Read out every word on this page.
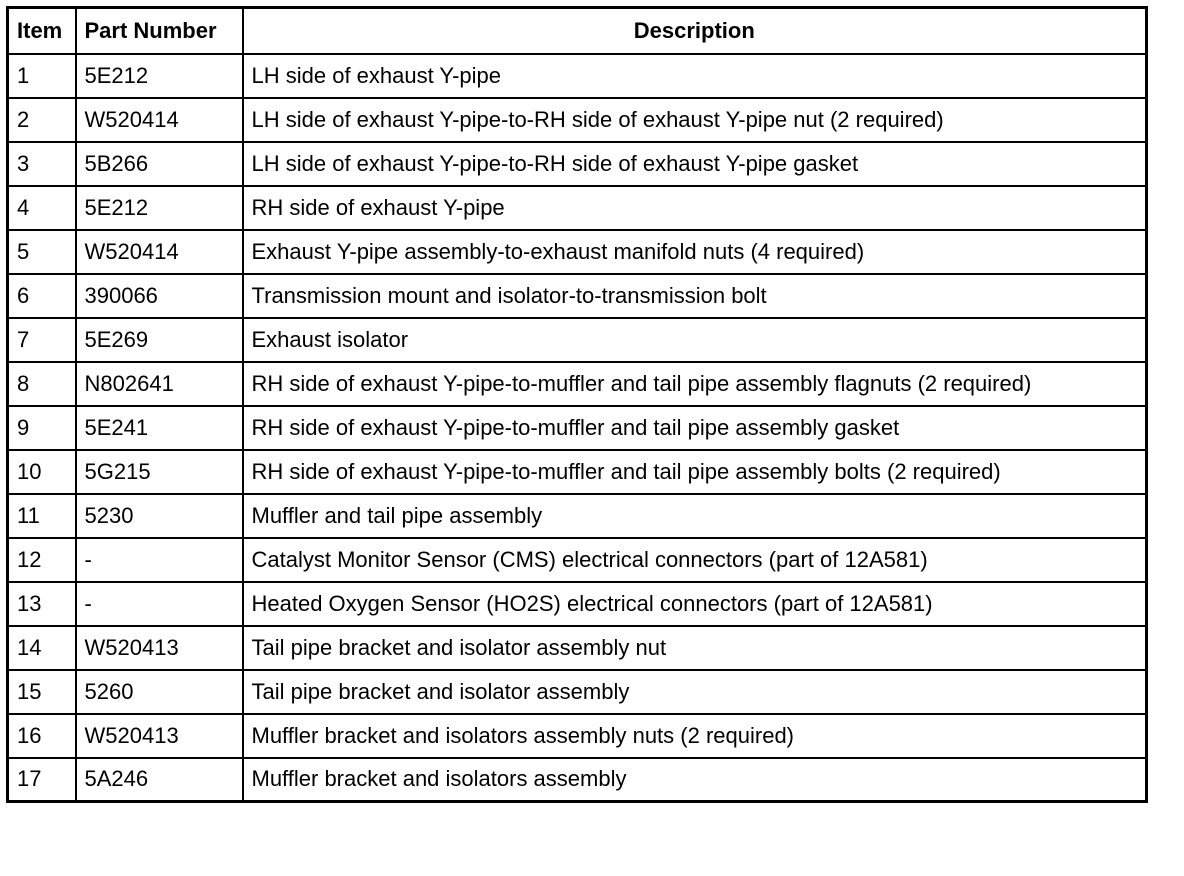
Item	Part Number	Description
1	5E212	LH side of exhaust Y-pipe
2	W520414	LH side of exhaust Y-pipe-to-RH side of exhaust Y-pipe nut (2 required)
3	5B266	LH side of exhaust Y-pipe-to-RH side of exhaust Y-pipe gasket
4	5E212	RH side of exhaust Y-pipe
5	W520414	Exhaust Y-pipe assembly-to-exhaust manifold nuts (4 required)
6	390066	Transmission mount and isolator-to-transmission bolt
7	5E269	Exhaust isolator
8	N802641	RH side of exhaust Y-pipe-to-muffler and tail pipe assembly flagnuts (2 required)
9	5E241	RH side of exhaust Y-pipe-to-muffler and tail pipe assembly gasket
10	5G215	RH side of exhaust Y-pipe-to-muffler and tail pipe assembly bolts (2 required)
11	5230	Muffler and tail pipe assembly
12	-	Catalyst Monitor Sensor (CMS) electrical connectors (part of 12A581)
13	-	Heated Oxygen Sensor (HO2S) electrical connectors (part of 12A581)
14	W520413	Tail pipe bracket and isolator assembly nut
15	5260	Tail pipe bracket and isolator assembly
16	W520413	Muffler bracket and isolators assembly nuts (2 required)
17	5A246	Muffler bracket and isolators assembly
